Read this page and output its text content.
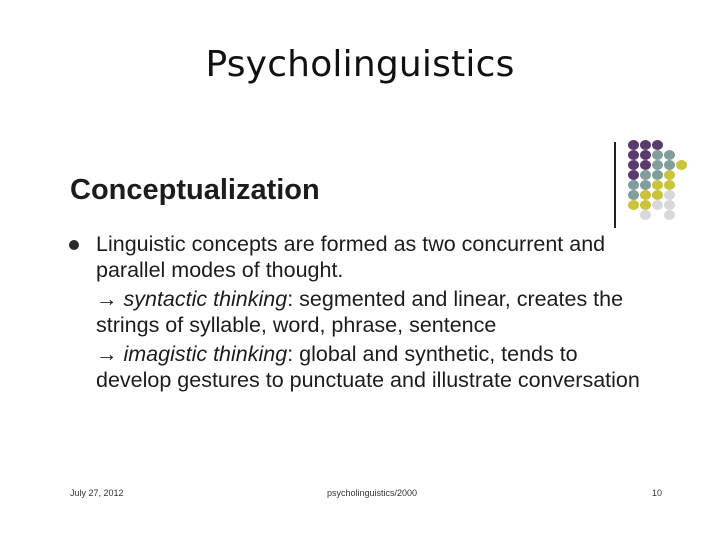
Psycholinguistics
Conceptualization

Linguistic concepts are formed as two concurrent and parallel modes of thought.

→ syntactic thinking: segmented and linear, creates the strings of syllable, word, phrase, sentence

→ imagistic thinking: global and synthetic, tends to develop gestures to punctuate and illustrate conversation

July 27, 2012	psycholinguistics/2000	10
